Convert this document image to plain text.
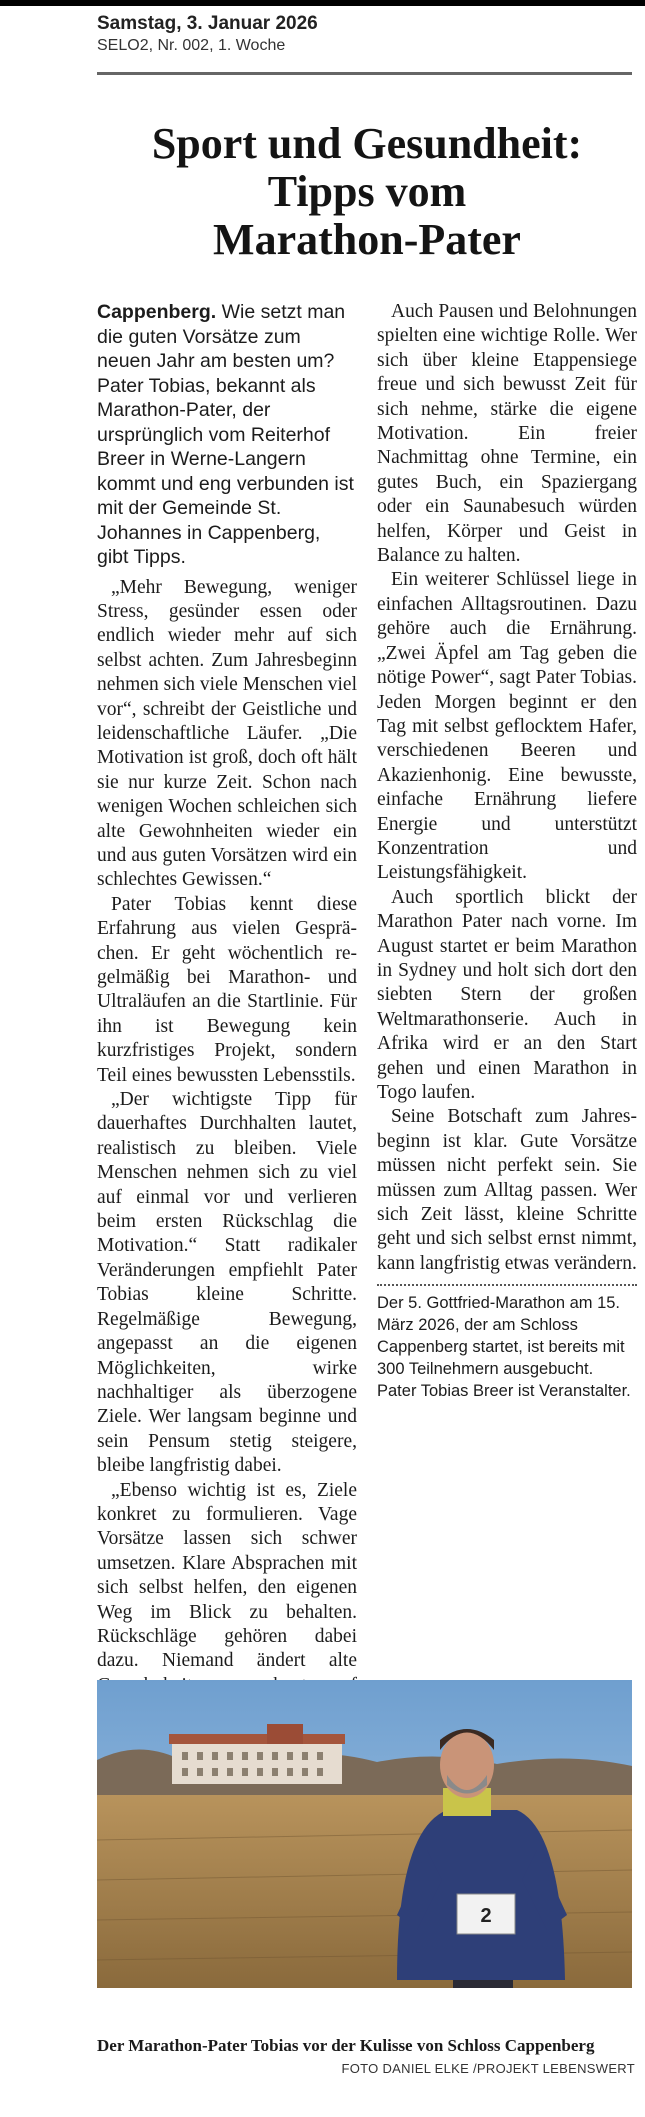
Samstag, 3. Januar 2026
SELO2, Nr. 002, 1. Woche
Sport und Gesundheit:
Tipps vom
Marathon-Pater

Cappenberg. Wie setzt man die guten Vorsätze zum neuen Jahr am besten um? Pater Tobias, bekannt als Marathon-Pater, der ursprünglich vom Reiterhof Breer in Werne-Langern kommt und eng verbunden ist mit der Gemeinde St. Johannes in Cappenberg, gibt Tipps.

„Mehr Bewegung, weniger Stress, gesünder essen oder endlich wieder mehr auf sich selbst achten. Zum Jahresbeginn nehmen sich viele Menschen viel vor“, schreibt der Geistliche und leidenschaftliche Läufer. „Die Motivation ist groß, doch oft hält sie nur kurze Zeit. Schon nach wenigen Wochen schleichen sich alte Gewohnheiten wieder ein und aus guten Vorsätzen wird ein schlechtes Gewissen.“

Pater Tobias kennt diese Erfahrung aus vielen Gesprächen. Er geht wöchentlich regelmäßig bei Marathon- und Ultraläufen an die Startlinie. Für ihn ist Bewegung kein kurzfristiges Projekt, sondern Teil eines bewussten Lebensstils.

„Der wichtigste Tipp für dauerhaftes Durchhalten lautet, realistisch zu bleiben. Viele Menschen nehmen sich zu viel auf einmal vor und verlieren beim ersten Rückschlag die Motivation.“ Statt radikaler Veränderungen empfiehlt Pater Tobias kleine Schritte. Regelmäßige Bewegung, angepasst an die eigenen Möglichkeiten, wirke nachhaltiger als überzogene Ziele. Wer langsam beginne und sein Pensum stetig steigere, bleibe langfristig dabei.

„Ebenso wichtig ist es, Ziele konkret zu formulieren. Vage Vorsätze lassen sich schwer umsetzen. Klare Absprachen mit sich selbst helfen, den eigenen Weg im Blick zu behalten. Rückschläge gehören dabei dazu. Niemand ändert alte

Auch Pausen und Belohnungen spielten eine wichtige Rolle. Wer sich über kleine Etappensiege freue und sich bewusst Zeit für sich nehme, stärke die eigene Motivation. Ein freier Nachmittag ohne Termine, ein gutes Buch, ein Spaziergang oder ein Saunabesuch würden helfen, Körper und Geist in Balance zu halten.

Ein weiterer Schlüssel liege in einfachen Alltagsroutinen. Dazu gehöre auch die Ernährung. „Zwei Äpfel am Tag geben die nötige Power“, sagt Pater Tobias. Jeden Morgen beginnt er den Tag mit selbst geflocktem Hafer, verschiedenen Beeren und Akazienhonig. Eine bewusste, einfache Ernährung liefere Energie und unterstützt Konzentration und Leistungsfähigkeit.

Auch sportlich blickt der Marathon Pater nach vorne. Im August startet er beim Marathon in Sydney und holt sich dort den siebten Stern der großen Weltmarathonserie. Auch in Afrika wird er an den Start gehen und einen Marathon in Togo laufen.

Seine Botschaft zum Jahresbeginn ist klar. Gute Vorsätze müssen nicht perfekt sein. Sie müssen zum Alltag passen. Wer sich Zeit lässt, kleine Schritte geht und sich selbst ernst nimmt, kann langfristig etwas verändern.

Der 5. Gottfried-Marathon am 15. März 2026, der am Schloss Cappenberg startet, ist bereits mit 300 Teilnehmern ausgebucht. Pater Tobias Breer ist Veranstalter.

2
Der Marathon-Pater Tobias vor der Kulisse von Schloss Cappenberg
FOTO DANIEL ELKE /PROJEKT LEBENSWERT
